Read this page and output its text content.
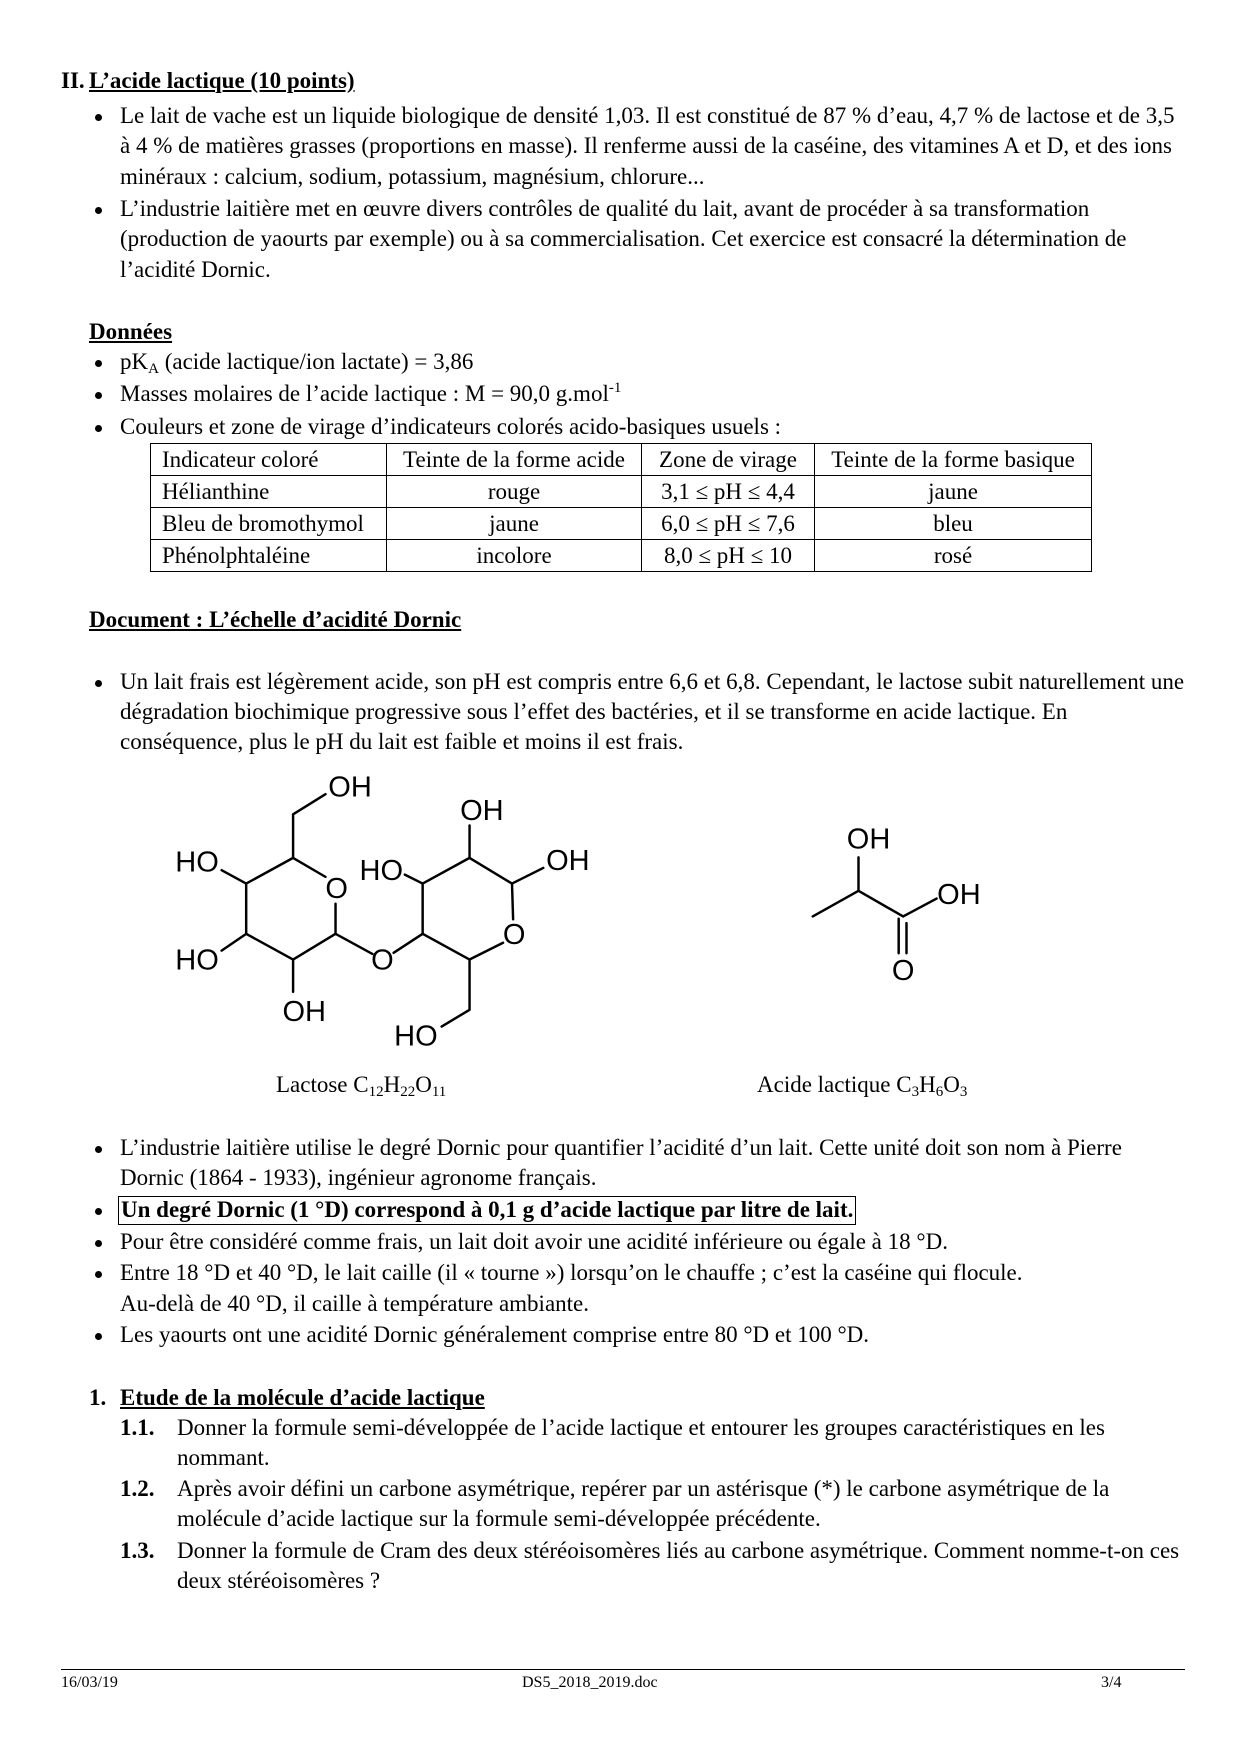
II. L’acide lactique (10 points)
Le lait de vache est un liquide biologique de densité 1,03. Il est constitué de 87 % d’eau, 4,7 % de lactose et de 3,5
à 4 % de matières grasses (proportions en masse). Il renferme aussi de la caséine, des vitamines A et D, et des ions
minéraux : calcium, sodium, potassium, magnésium, chlorure...
L’industrie laitière met en œuvre divers contrôles de qualité du lait, avant de procéder à sa transformation
(production de yaourts par exemple) ou à sa commercialisation. Cet exercice est consacré la détermination de
l’acidité Dornic.
Données
$pK_A$ (acide lactique/ion lactate) = 3,86
Masses molaires de l’acide lactique : M = 90,0 g.mol$^{-1}$
Couleurs et zone de virage d’indicateurs colorés acido-basiques usuels :
Indicateur coloré	Teinte de la forme acide	Zone de virage	Teinte de la forme basique
Hélianthine	rouge	3,1 ≤ pH ≤ 4,4	jaune
Bleu de bromothymol	jaune	6,0 ≤ pH ≤ 7,6	bleu
Phénolphtaléine	incolore	8,0 ≤ pH ≤ 10	rosé
Document : L’échelle d’acidité Dornic
Un lait frais est légèrement acide, son pH est compris entre 6,6 et 6,8. Cependant, le lactose subit naturellement une
dégradation biochimique progressive sous l’effet des bactéries, et il se transforme en acide lactique. En
conséquence, plus le pH du lait est faible et moins il est frais.
OH
HO
O
HO
OH
OH
HO	O
O
OH
HO
OH
OH
O
Lactose $C_{12}H_{22}O_{11}$	Acide lactique $C_3H_6O_3$
L’industrie laitière utilise le degré Dornic pour quantifier l’acidité d’un lait. Cette unité doit son nom à Pierre
Dornic (1864 - 1933), ingénieur agronome français.
Un degré Dornic (1 °D) correspond à 0,1 g d’acide lactique par litre de lait.
Pour être considéré comme frais, un lait doit avoir une acidité inférieure ou égale à 18 °D.
Entre 18 °D et 40 °D, le lait caille (il « tourne ») lorsqu’on le chauffe ; c’est la caséine qui flocule.
Au-delà de 40 °D, il caille à température ambiante.
Les yaourts ont une acidité Dornic généralement comprise entre 80 °D et 100 °D.
1. Etude de la molécule d’acide lactique
1.1. Donner la formule semi-développée de l’acide lactique et entourer les groupes caractéristiques en les
nommant.
1.2. Après avoir défini un carbone asymétrique, repérer par un astérisque (*) le carbone asymétrique de la
molécule d’acide lactique sur la formule semi-développée précédente.
1.3. Donner la formule de Cram des deux stéréoisomères liés au carbone asymétrique. Comment nomme-t-on ces
deux stéréoisomères ?
16/03/19	DS5_2018_2019.doc	3/4
